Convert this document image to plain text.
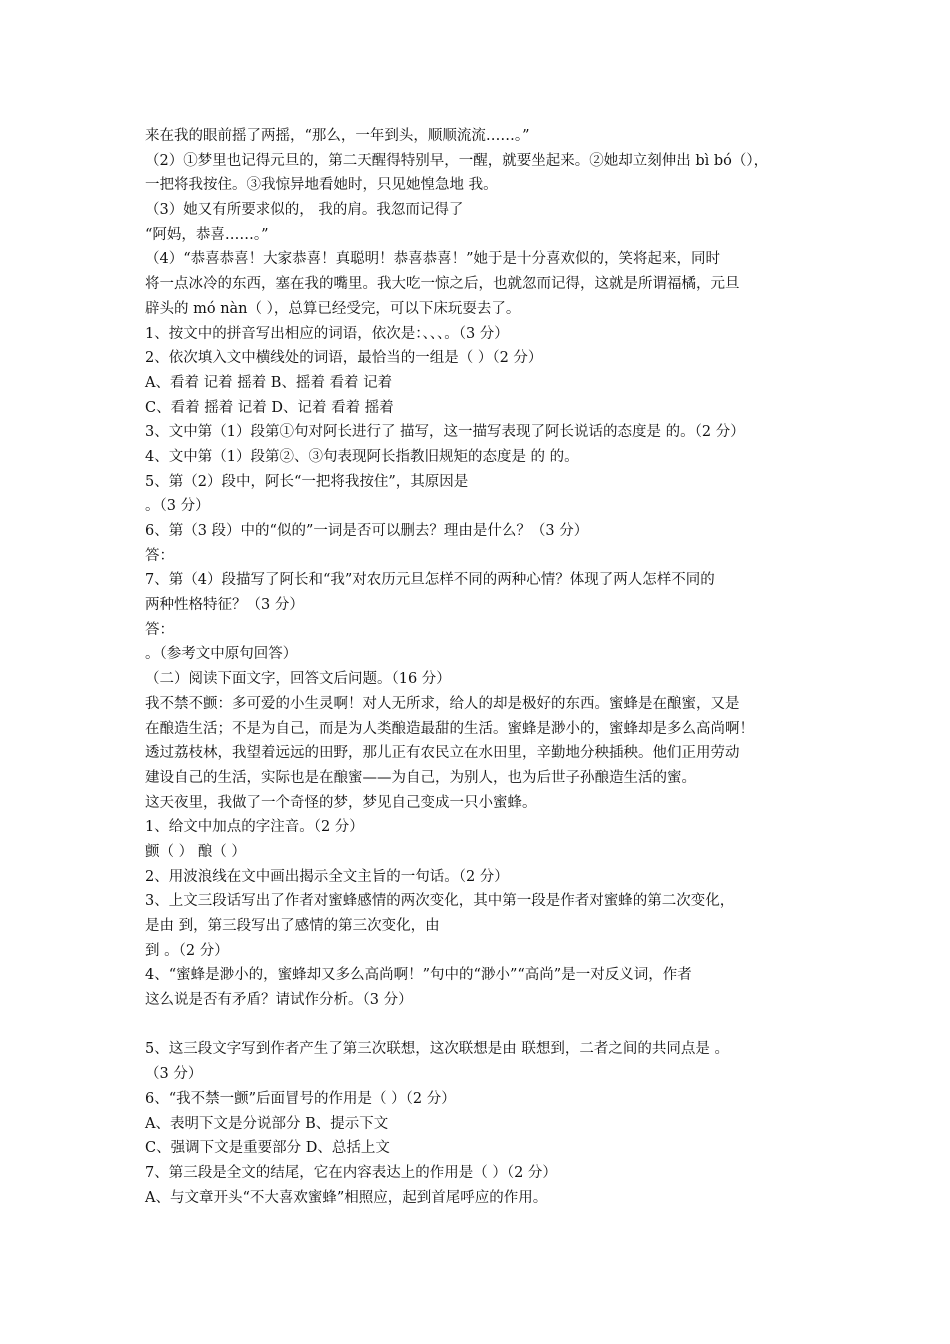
来在我的眼前摇了两摇，“那么，一年到头，顺顺流流……。”
（2）①梦里也记得元旦的，第二天醒得特别早，一醒，就要坐起来。②她却立刻伸出 bì bó（），
一把将我按住。③我惊异地看她时，只见她惶急地 我。
（3）她又有所要求似的， 我的肩。我忽而记得了
“阿妈，恭喜……。”
（4）“恭喜恭喜！大家恭喜！真聪明！恭喜恭喜！”她于是十分喜欢似的，笑将起来，同时
将一点冰冷的东西，塞在我的嘴里。我大吃一惊之后，也就忽而记得，这就是所谓福橘，元旦
辟头的 mó nàn（ ），总算已经受完，可以下床玩耍去了。
1、按文中的拼音写出相应的词语，依次是：、、、。（3 分）
2、依次填入文中横线处的词语，最恰当的一组是（ ）（2 分）
A、看着 记着 摇着 B、摇着 看着 记着
C、看着 摇着 记着 D、记着 看着 摇着
3、文中第（1）段第①句对阿长进行了 描写，这一描写表现了阿长说话的态度是 的。（2 分）
4、文中第（1）段第②、③句表现阿长指教旧规矩的态度是 的 的。
5、第（2）段中，阿长“一把将我按住”，其原因是
。（3 分）
6、第（3 段）中的“似的”一词是否可以删去？理由是什么？（3 分）
答：
7、第（4）段描写了阿长和“我”对农历元旦怎样不同的两种心情？体现了两人怎样不同的
两种性格特征？（3 分）
答：
。（参考文中原句回答）
（二）阅读下面文字，回答文后问题。（16 分）
我不禁不颤：多可爱的小生灵啊！对人无所求，给人的却是极好的东西。蜜蜂是在酿蜜，又是
在酿造生活；不是为自己，而是为人类酿造最甜的生活。蜜蜂是渺小的，蜜蜂却是多么高尚啊！
透过荔枝林，我望着远远的田野，那儿正有农民立在水田里，辛勤地分秧插秧。他们正用劳动
建设自己的生活，实际也是在酿蜜——为自己，为别人，也为后世子孙酿造生活的蜜。
这天夜里，我做了一个奇怪的梦，梦见自己变成一只小蜜蜂。
1、给文中加点的字注音。（2 分）
颤（ ） 酿（ ）
2、用波浪线在文中画出揭示全文主旨的一句话。（2 分）
3、上文三段话写出了作者对蜜蜂感情的两次变化，其中第一段是作者对蜜蜂的第二次变化，
是由 到，第三段写出了感情的第三次变化，由
到 。（2 分）
4、“蜜蜂是渺小的，蜜蜂却又多么高尚啊！”句中的“渺小”“高尚”是一对反义词，作者
这么说是否有矛盾？请试作分析。（3 分）
5、这三段文字写到作者产生了第三次联想，这次联想是由 联想到，二者之间的共同点是 。
（3 分）
6、“我不禁一颤”后面冒号的作用是（ ）（2 分）
A、表明下文是分说部分 B、提示下文
C、强调下文是重要部分 D、总括上文
7、第三段是全文的结尾，它在内容表达上的作用是（ ）（2 分）
A、与文章开头“不大喜欢蜜蜂”相照应，起到首尾呼应的作用。
